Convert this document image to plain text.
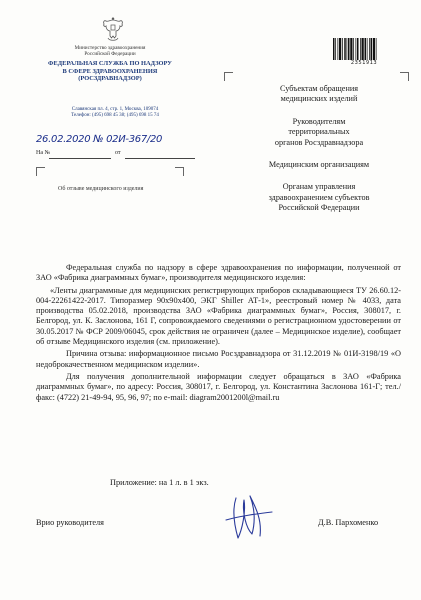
Министерство здравоохранения
Российской Федерации
ФЕДЕРАЛЬНАЯ СЛУЖБА ПО НАДЗОРУ
В СФЕРЕ ЗДРАВООХРАНЕНИЯ
(РОСЗДРАВНАДЗОР)
Славянская пл. 4, стр. 1, Москва, 109074
Телефон: (495) 698 45 38; (495) 698 15 74
26.02.2020 № 02И-367/20
На №	от
Об отзыве медицинского изделия
2351913

Субъектам обращения
медицинских изделий

Руководителям
территориальных
органов Росздравнадзора

Медицинским организациям

Органам управления
здравоохранением субъектов
Российской Федерации

Федеральная служба по надзору в сфере здравоохранения по информации, полученной от ЗАО «Фабрика диаграммных бумаг», производителя медицинского изделия:

«Ленты диаграммные для медицинских регистрирующих приборов складывающиеся ТУ 26.60.12-004-22261422-2017. Типоразмер 90х90х400, ЭКГ Shiller АТ-1», реестровый номер № 4033, дата производства 05.02.2018, производства ЗАО «Фабрика диаграммных бумаг», Россия, 308017, г. Белгород, ул. К. Заслонова, 161 Г, сопровождаемого сведениями о регистрационном удостоверении от 30.05.2017 № ФСР 2009/06045, срок действия не ограничен (далее – Медицинское изделие), сообщает об отзыве Медицинского изделия (см. приложение).

Причина отзыва: информационное письмо Росздравнадзора от 31.12.2019 № 01И-3198/19 «О недоброкачественном медицинском изделии».

Для получения дополнительной информации следует обращаться в ЗАО «Фабрика диаграммных бумаг», по адресу: Россия, 308017, г. Белгород, ул. Константина Заслонова 161-Г; тел./факс: (4722) 21-49-94, 95, 96, 97; по e-mail: diagram2001200l@mail.ru

Приложение: на 1 л. в 1 экз.
Врио руководителя	Д.В. Пархоменко
